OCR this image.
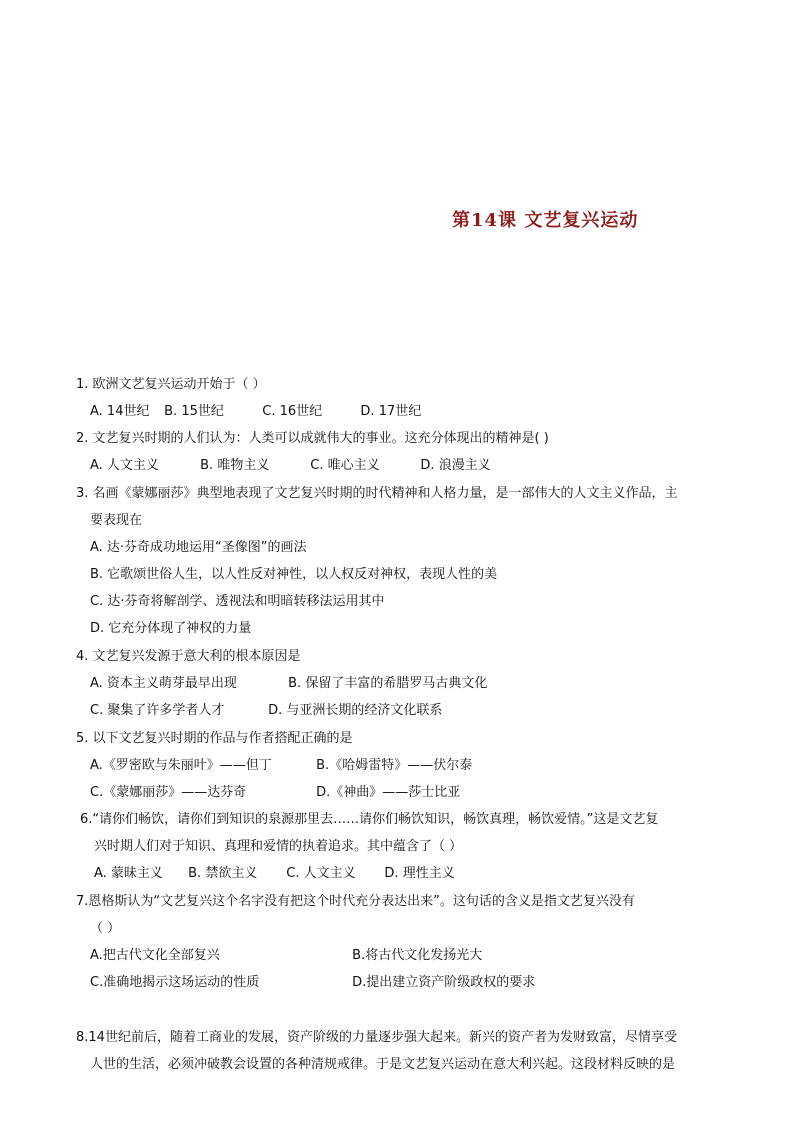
第14课 文艺复兴运动
1. 欧洲文艺复兴运动开始于（ ）
A. 14世纪 B. 15世纪	C. 16世纪	D. 17世纪
2. 文艺复兴时期的人们认为：人类可以成就伟大的事业。这充分体现出的精神是( )
A. 人文主义	B. 唯物主义	C. 唯心主义	D. 浪漫主义
3. 名画《蒙娜丽莎》典型地表现了文艺复兴时期的时代精神和人格力量，是一部伟大的人文主义作品，主
要表现在
A. 达·芬奇成功地运用“圣像图”的画法
B. 它歌颂世俗人生，以人性反对神性，以人权反对神权，表现人性的美
C. 达·芬奇将解剖学、透视法和明暗转移法运用其中
D. 它充分体现了神权的力量
4. 文艺复兴发源于意大利的根本原因是
A. 资本主义萌芽最早出现	B. 保留了丰富的希腊罗马古典文化
C. 聚集了许多学者人才	D. 与亚洲长期的经济文化联系
5. 以下文艺复兴时期的作品与作者搭配正确的是
A.《罗密欧与朱丽叶》——但丁	B.《哈姆雷特》——伏尔泰
C.《蒙娜丽莎》——达芬奇	D.《神曲》——莎士比亚
6.“请你们畅饮，请你们到知识的泉源那里去……请你们畅饮知识，畅饮真理，畅饮爱情。”这是文艺复
兴时期人们对于知识、真理和爱情的执着追求。其中蕴含了（ ）
A. 蒙昧主义 B. 禁欲主义 C. 人文主义 D. 理性主义
7.恩格斯认为“文艺复兴这个名字没有把这个时代充分表达出来”。这句话的含义是指文艺复兴没有
（ ）
A.把古代文化全部复兴	B.将古代文化发扬光大
C.准确地揭示这场运动的性质	D.提出建立资产阶级政权的要求
8.14世纪前后，随着工商业的发展，资产阶级的力量逐步强大起来。新兴的资产者为发财致富，尽情享受
人世的生活，必须冲破教会设置的各种清规戒律。于是文艺复兴运动在意大利兴起。这段材料反映的是
